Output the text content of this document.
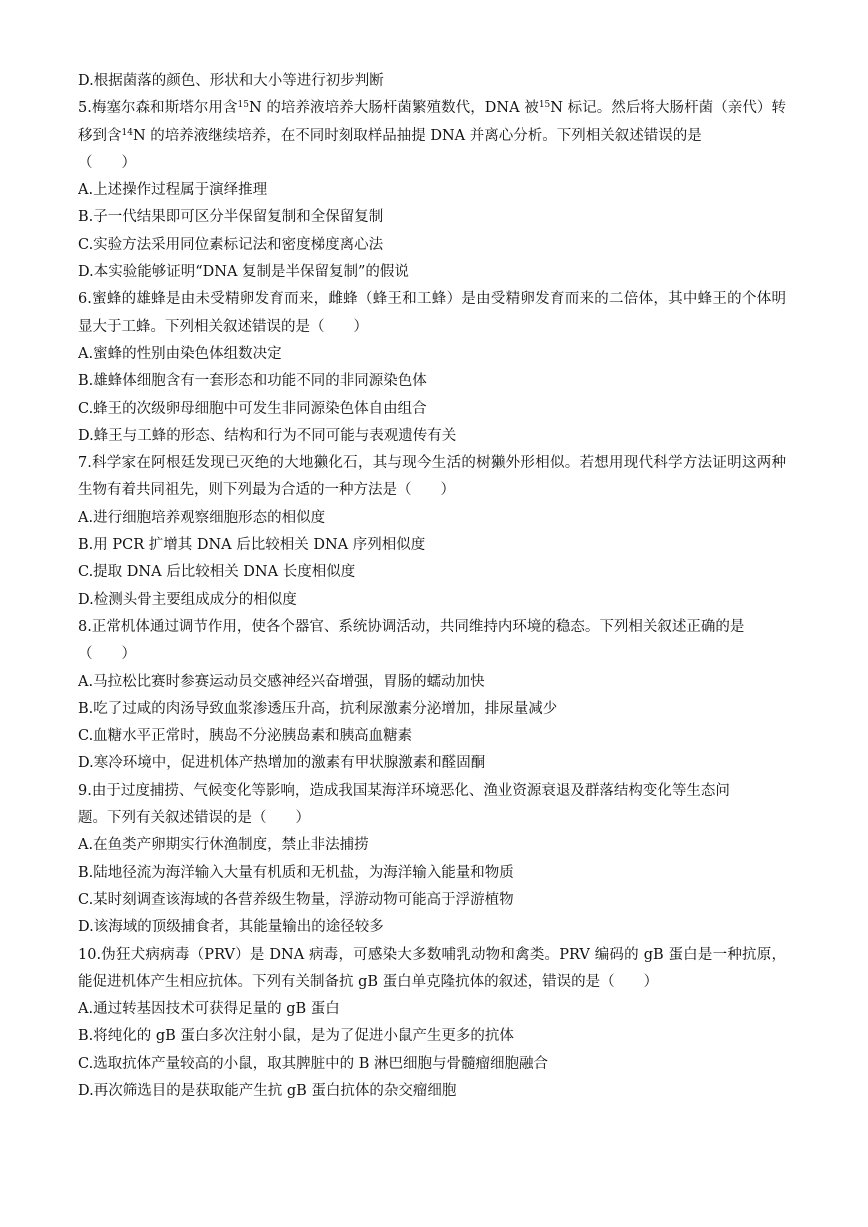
D.根据菌落的颜色、形状和大小等进行初步判断
5.梅塞尔森和斯塔尔用含$^{15}$N 的培养液培养大肠杆菌繁殖数代，DNA 被$^{15}$N 标记。然后将大肠杆菌（亲代）转移到含$^{14}$N 的培养液继续培养，在不同时刻取样品抽提 DNA 并离心分析。下列相关叙述错误的是
（　　）
A.上述操作过程属于演绎推理
B.子一代结果即可区分半保留复制和全保留复制
C.实验方法采用同位素标记法和密度梯度离心法
D.本实验能够证明“DNA 复制是半保留复制”的假说
6.蜜蜂的雄蜂是由未受精卵发育而来，雌蜂（蜂王和工蜂）是由受精卵发育而来的二倍体，其中蜂王的个体明显大于工蜂。下列相关叙述错误的是（　　）
A.蜜蜂的性别由染色体组数决定
B.雄蜂体细胞含有一套形态和功能不同的非同源染色体
C.蜂王的次级卵母细胞中可发生非同源染色体自由组合
D.蜂王与工蜂的形态、结构和行为不同可能与表观遗传有关
7.科学家在阿根廷发现已灭绝的大地獭化石，其与现今生活的树獭外形相似。若想用现代科学方法证明这两种生物有着共同祖先，则下列最为合适的一种方法是（　　）
A.进行细胞培养观察细胞形态的相似度
B.用 PCR 扩增其 DNA 后比较相关 DNA 序列相似度
C.提取 DNA 后比较相关 DNA 长度相似度
D.检测头骨主要组成成分的相似度
8.正常机体通过调节作用，使各个器官、系统协调活动，共同维持内环境的稳态。下列相关叙述正确的是
（　　）
A.马拉松比赛时参赛运动员交感神经兴奋增强，胃肠的蠕动加快
B.吃了过咸的肉汤导致血浆渗透压升高，抗利尿激素分泌增加，排尿量减少
C.血糖水平正常时，胰岛不分泌胰岛素和胰高血糖素
D.寒冷环境中，促进机体产热增加的激素有甲状腺激素和醛固酮
9.由于过度捕捞、气候变化等影响，造成我国某海洋环境恶化、渔业资源衰退及群落结构变化等生态问
题。下列有关叙述错误的是（　　）
A.在鱼类产卵期实行休渔制度，禁止非法捕捞
B.陆地径流为海洋输入大量有机质和无机盐，为海洋输入能量和物质
C.某时刻调查该海域的各营养级生物量，浮游动物可能高于浮游植物
D.该海域的顶级捕食者，其能量输出的途径较多
10.伪狂犬病病毒（PRV）是 DNA 病毒，可感染大多数哺乳动物和禽类。PRV 编码的 gB 蛋白是一种抗原，能促进机体产生相应抗体。下列有关制备抗 gB 蛋白单克隆抗体的叙述，错误的是（　　）
A.通过转基因技术可获得足量的 gB 蛋白
B.将纯化的 gB 蛋白多次注射小鼠，是为了促进小鼠产生更多的抗体
C.选取抗体产量较高的小鼠，取其脾脏中的 B 淋巴细胞与骨髓瘤细胞融合
D.再次筛选目的是获取能产生抗 gB 蛋白抗体的杂交瘤细胞
